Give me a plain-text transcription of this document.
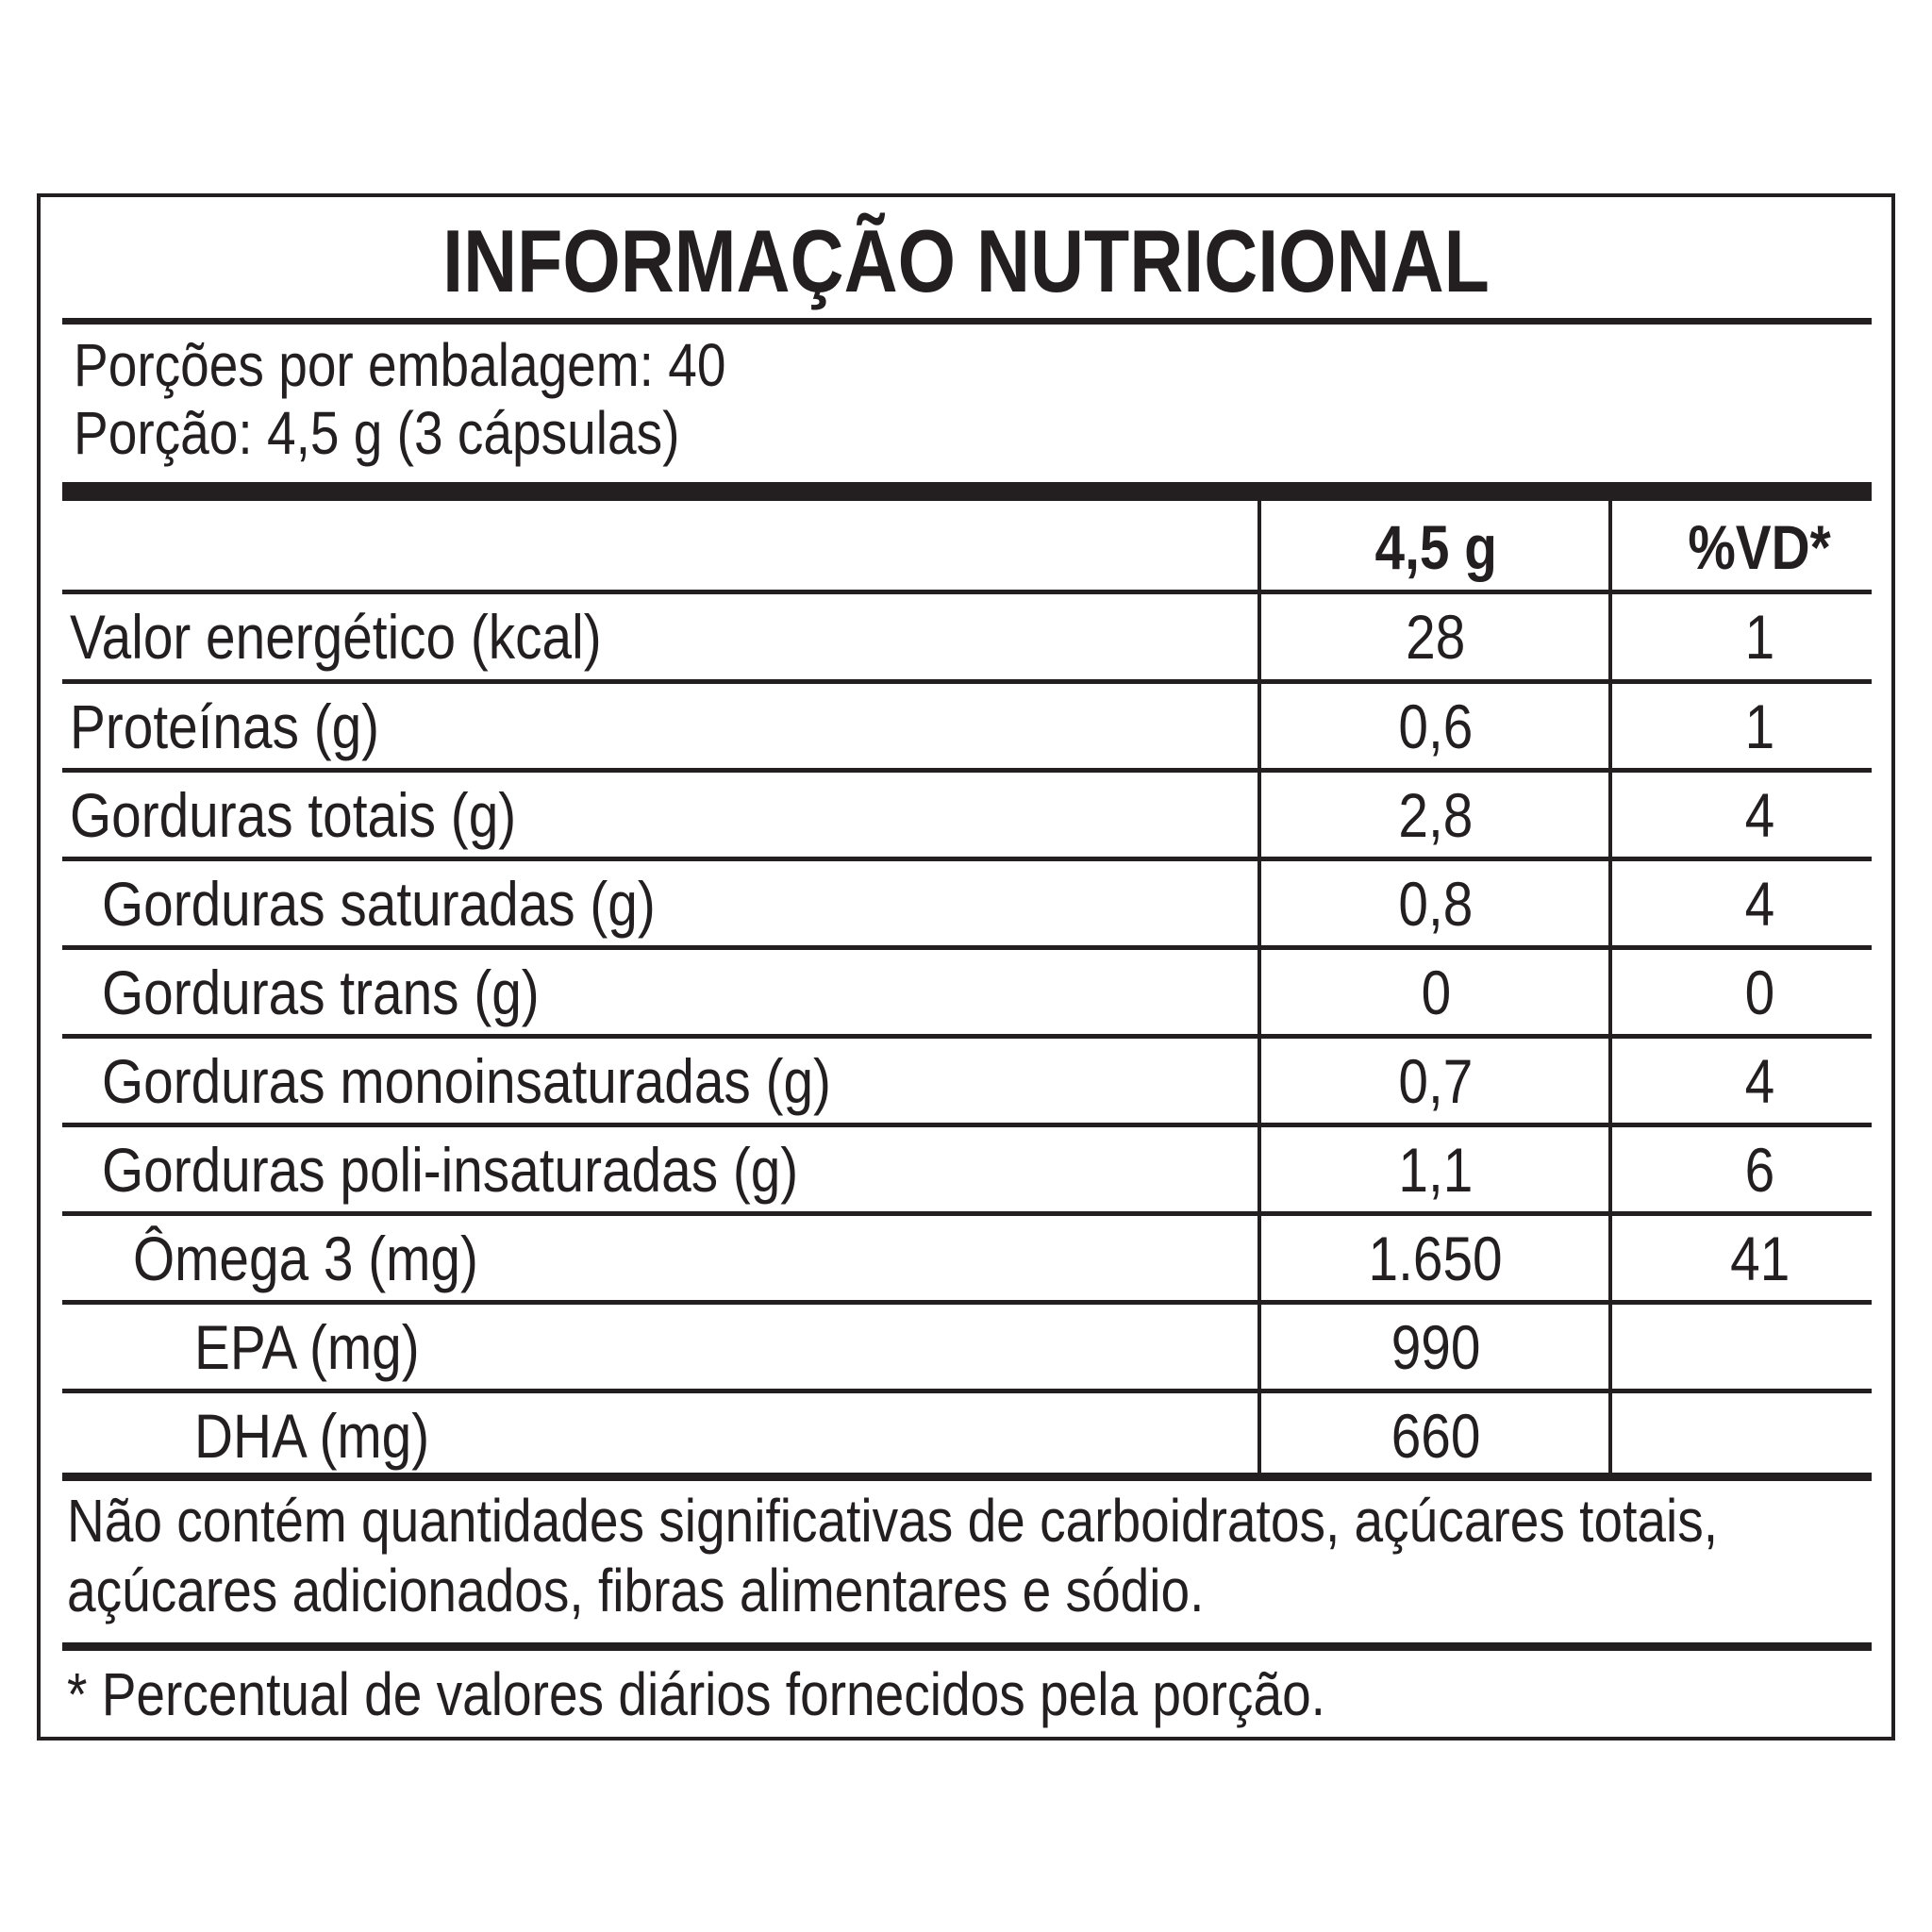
INFORMAÇÃO NUTRICIONAL
Porções por embalagem: 40
Porção: 4,5 g (3 cápsulas)
4,5 g	%VD*
Valor energético (kcal)	28	1
Proteínas (g)	0,6	1
Gorduras totais (g)	2,8	4
Gorduras saturadas (g)	0,8	4
Gorduras trans (g)	0	0
Gorduras monoinsaturadas (g)	0,7	4
Gorduras poli-insaturadas (g)	1,1	6
Ômega 3 (mg)	1.650	41
EPA (mg)	990
DHA (mg)	660
Não contém quantidades significativas de carboidratos, açúcares totais,
açúcares adicionados, fibras alimentares e sódio.
* Percentual de valores diários fornecidos pela porção.
